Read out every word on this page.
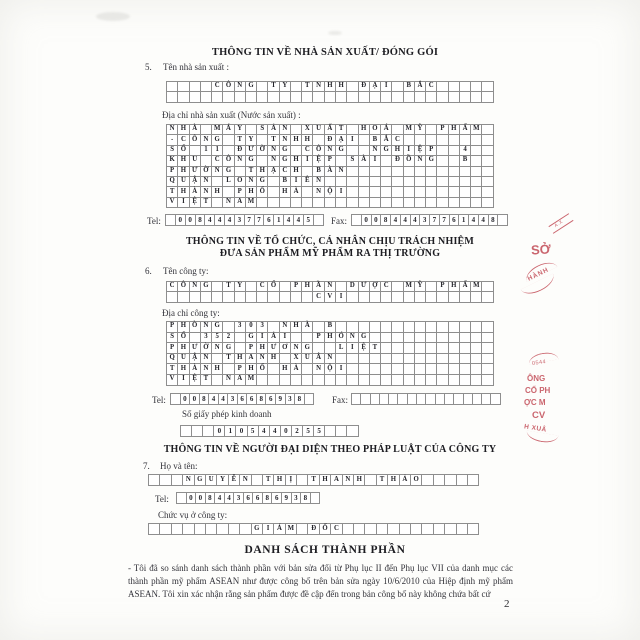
THÔNG TIN VỀ NHÀ SẢN XUẤT/ ĐÓNG GÓI
5. Tên nhà sản xuất :
C Ô N G	T Y	T N H H	Đ Ạ	I	B Ắ C
Địa chỉ nhà sản xuất (Nước sản xuất) :
N H À	M Á Y	S	Ả N	X U Ấ T	H O Á	M Ỹ	P H Ẩ M
-	C Ô N G	T Y	T N H H	Đ Ạ	I	B Ắ C
S Ố	1	1	Đ Ư Ờ N G	C Ô N G	N G H	I	Ệ	P	4
K H U	C Ô N G	N G H	I	Ệ	P	S	À	I	Đ Ồ N G	B
P H Ư Ờ N G	T H Ạ C H	B À N
Q U Ậ N	L O N G	B	I	Ê N
T H À N H	P H Ố	H À	N Ộ	I
V	I	Ệ T	N A M
Tel:	0 0 8 4 4 4 3 7 7 6 1 4 4 5	Fax:	0 0 8 4 4 4 3 7 7 6 1 4 4 8
THÔNG TIN VỀ TỔ CHỨC, CÁ NHÂN CHỊU TRÁCH NHIỆM
ĐƯA SẢN PHẨM MỸ PHẨM RA THỊ TRƯỜNG
6. Tên công ty:
C Ô N G	T Y	C Ổ	P H Ầ N	D Ư Ợ C	M Ỹ	P H Ẩ M
C V	I
Địa chỉ công ty:
P H Ò N G	3	0	3	N H À	B
S Ố	3	5	2	G	I	Ả	I	P H Ó N G
P H Ư Ờ N G	P H Ư Ơ N G	L	I	Ệ T
Q U Ậ N	T H A N H	X U Â N
T H À N H	P H Ố	H À	N Ộ	I
V	I	Ệ T	N A M
Tel:	0 0 8 4 4 3 6 6 8 6 9 3 8	Fax:
Số giấy phép kinh doanh
0	1	0	5	4	4	0	2	5	5
THÔNG TIN VỀ NGƯỜI ĐẠI DIỆN THEO PHÁP LUẬT CỦA CÔNG TY
7. Họ và tên:
N G U Y Ễ N	T H	Ị	T H A N H	T H Ả O
Tel:	0 0 8 4 4 3 6 6 8 6 9 3 8
Chức vụ ở công ty:
G	I	Á M	Đ Ố C
DANH SÁCH THÀNH PHẦN
- Tôi đã so sánh danh sách thành phần với bản sửa đổi từ Phụ lục II đến Phụ lục VII của danh mục các thành phần mỹ phẩm ASEAN như được công bố trên bản sửa ngày 10/6/2010 của Hiệp định mỹ phẩm ASEAN. Tôi xin xác nhận rằng sản phẩm được đề cập đến trong bản công bố này không chứa bất cứ
2
A.X
SỞ
HÀNH
0544
ÔNG
CỔ PH
ỢC M
CV
H XUÂ
